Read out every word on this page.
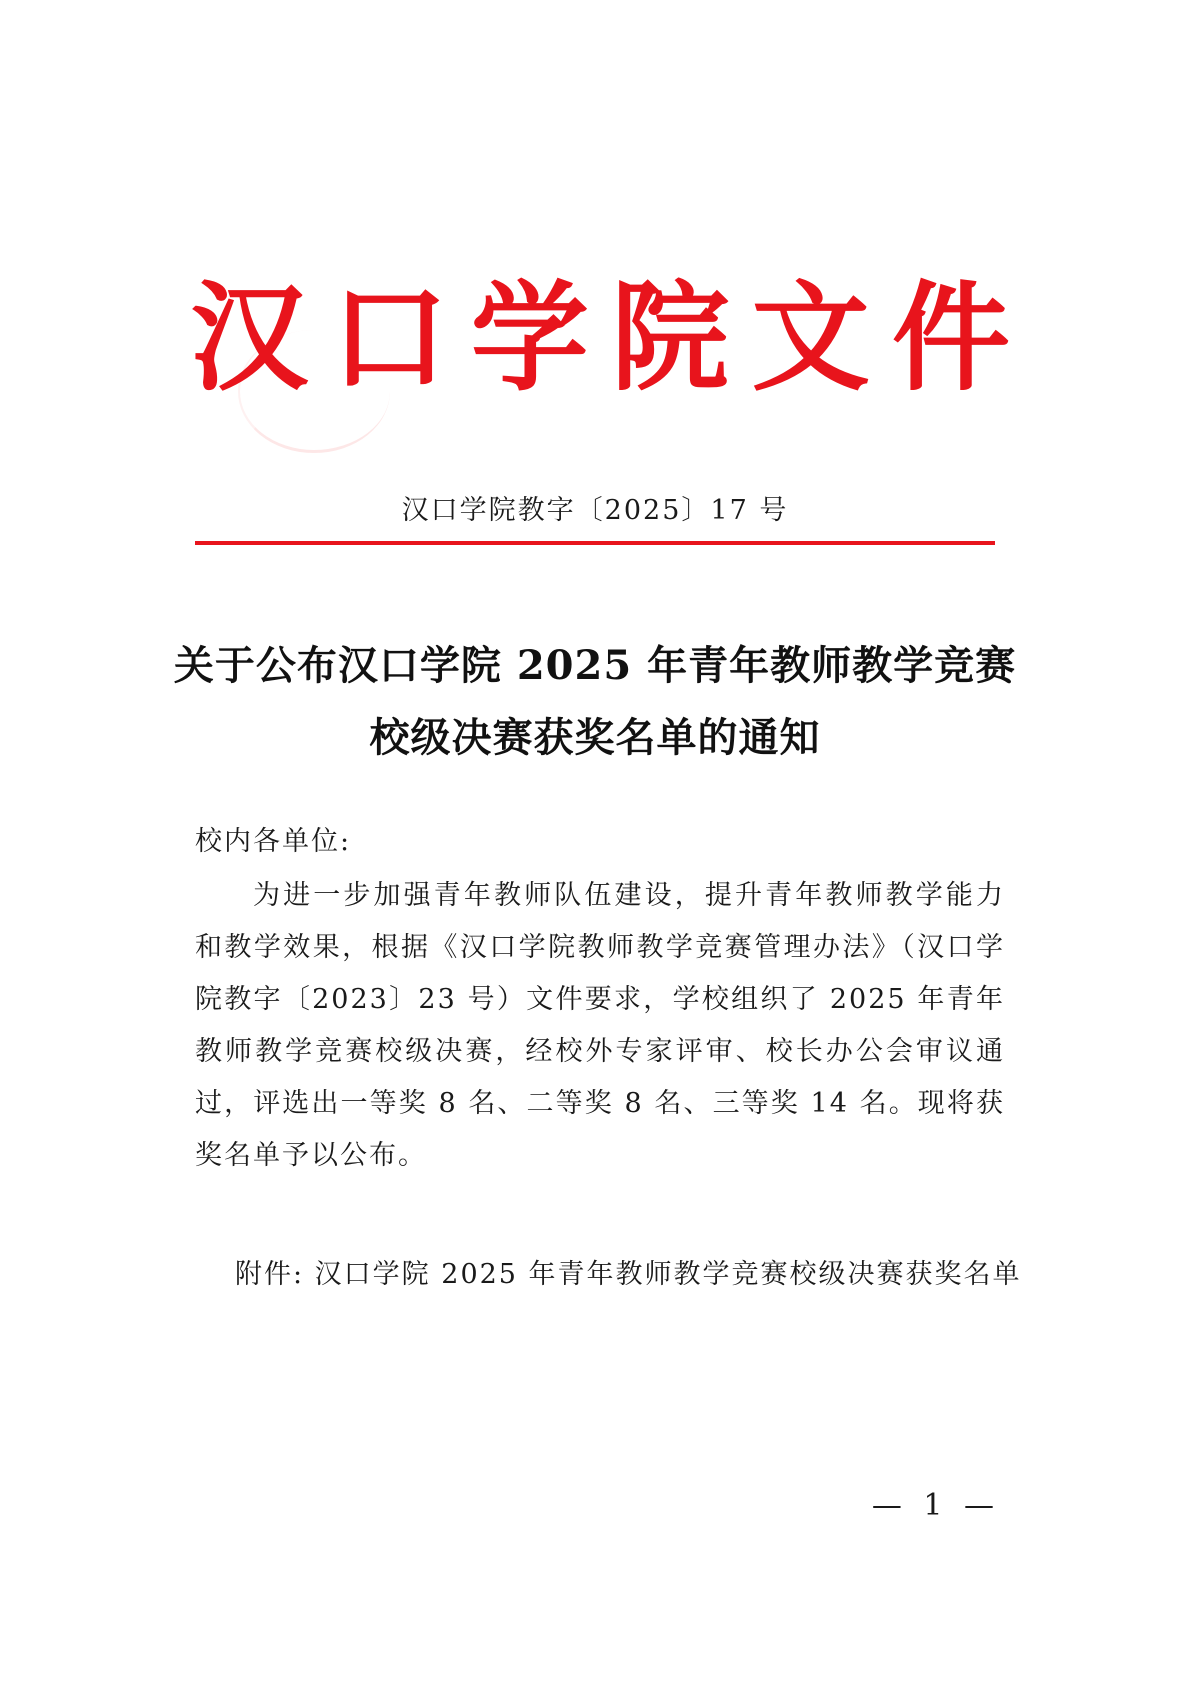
汉 口 学 院 文 件
汉口学院教字〔2025〕17 号
关于公布汉口学院 2025 年青年教师教学竞赛
校级决赛获奖名单的通知
校内各单位:
为进一步加强青年教师队伍建设，提升青年教师教学能力和教学效果，根据《汉口学院教师教学竞赛管理办法》（汉口学院教字〔2023〕23 号）文件要求，学校组织了 2025 年青年教师教学竞赛校级决赛，经校外专家评审、校长办公会审议通过，评选出一等奖 8 名、二等奖 8 名、三等奖 14 名。现将获奖名单予以公布。
附件: 汉口学院 2025 年青年教师教学竞赛校级决赛获奖名单
— 1 —
